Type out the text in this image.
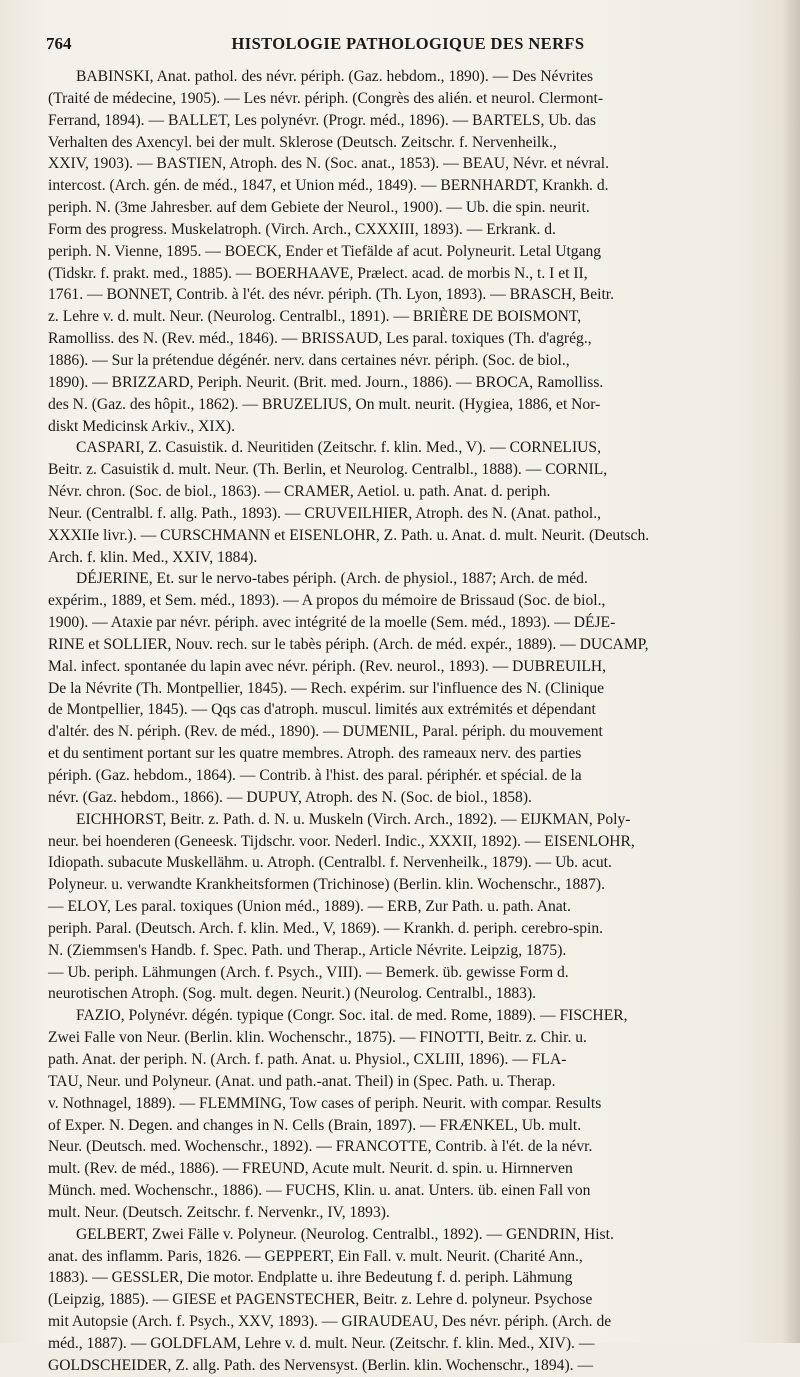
764	HISTOLOGIE PATHOLOGIQUE DES NERFS
BABINSKI, Anat. pathol. des névr. périph. (Gaz. hebdom., 1890). — Des Névrites
(Traité de médecine, 1905). — Les névr. périph. (Congrès des alién. et neurol. Clermont-
Ferrand, 1894). — BALLET, Les polynévr. (Progr. méd., 1896). — BARTELS, Ub. das
Verhalten des Axencyl. bei der mult. Sklerose (Deutsch. Zeitschr. f. Nervenheilk.,
XXIV, 1903). — BASTIEN, Atroph. des N. (Soc. anat., 1853). — BEAU, Névr. et névral.
intercost. (Arch. gén. de méd., 1847, et Union méd., 1849). — BERNHARDT, Krankh. d.
periph. N. (3me Jahresber. auf dem Gebiete der Neurol., 1900). — Ub. die spin. neurit.
Form des progress. Muskelatroph. (Virch. Arch., CXXXIII, 1893). — Erkrank. d.
periph. N. Vienne, 1895. — BOECK, Ender et Tiefälde af acut. Polyneurit. Letal Utgang
(Tidskr. f. prakt. med., 1885). — BOERHAAVE, Prælect. acad. de morbis N., t. I et II,
1761. — BONNET, Contrib. à l'ét. des névr. périph. (Th. Lyon, 1893). — BRASCH, Beitr.
z. Lehre v. d. mult. Neur. (Neurolog. Centralbl., 1891). — BRIÈRE DE BOISMONT,
Ramolliss. des N. (Rev. méd., 1846). — BRISSAUD, Les paral. toxiques (Th. d'agrég.,
1886). — Sur la prétendue dégénér. nerv. dans certaines névr. périph. (Soc. de biol.,
1890). — BRIZZARD, Periph. Neurit. (Brit. med. Journ., 1886). — BROCA, Ramolliss.
des N. (Gaz. des hôpit., 1862). — BRUZELIUS, On mult. neurit. (Hygiea, 1886, et Nor-
diskt Medicinsk Arkiv., XIX).
CASPARI, Z. Casuistik. d. Neuritiden (Zeitschr. f. klin. Med., V). — CORNELIUS,
Beitr. z. Casuistik d. mult. Neur. (Th. Berlin, et Neurolog. Centralbl., 1888). — CORNIL,
Névr. chron. (Soc. de biol., 1863). — CRAMER, Aetiol. u. path. Anat. d. periph.
Neur. (Centralbl. f. allg. Path., 1893). — CRUVEILHIER, Atroph. des N. (Anat. pathol.,
XXXIIe livr.). — CURSCHMANN et EISENLOHR, Z. Path. u. Anat. d. mult. Neurit. (Deutsch.
Arch. f. klin. Med., XXIV, 1884).
DÉJERINE, Et. sur le nervo-tabes périph. (Arch. de physiol., 1887; Arch. de méd.
expérim., 1889, et Sem. méd., 1893). — A propos du mémoire de Brissaud (Soc. de biol.,
1900). — Ataxie par névr. périph. avec intégrité de la moelle (Sem. méd., 1893). — DÉJE-
RINE et SOLLIER, Nouv. rech. sur le tabès périph. (Arch. de méd. expér., 1889). — DUCAMP,
Mal. infect. spontanée du lapin avec névr. périph. (Rev. neurol., 1893). — DUBREUILH,
De la Névrite (Th. Montpellier, 1845). — Rech. expérim. sur l'influence des N. (Clinique
de Montpellier, 1845). — Qqs cas d'atroph. muscul. limités aux extrémités et dépendant
d'altér. des N. périph. (Rev. de méd., 1890). — DUMENIL, Paral. périph. du mouvement
et du sentiment portant sur les quatre membres. Atroph. des rameaux nerv. des parties
périph. (Gaz. hebdom., 1864). — Contrib. à l'hist. des paral. périphér. et spécial. de la
névr. (Gaz. hebdom., 1866). — DUPUY, Atroph. des N. (Soc. de biol., 1858).
EICHHORST, Beitr. z. Path. d. N. u. Muskeln (Virch. Arch., 1892). — EIJKMAN, Poly-
neur. bei hoenderen (Geneesk. Tijdschr. voor. Nederl. Indic., XXXII, 1892). — EISENLOHR,
Idiopath. subacute Muskellähm. u. Atroph. (Centralbl. f. Nervenheilk., 1879). — Ub. acut.
Polyneur. u. verwandte Krankheitsformen (Trichinose) (Berlin. klin. Wochenschr., 1887).
— ELOY, Les paral. toxiques (Union méd., 1889). — ERB, Zur Path. u. path. Anat.
periph. Paral. (Deutsch. Arch. f. klin. Med., V, 1869). — Krankh. d. periph. cerebro-spin.
N. (Ziemmsen's Handb. f. Spec. Path. und Therap., Article Névrite. Leipzig, 1875).
— Ub. periph. Lähmungen (Arch. f. Psych., VIII). — Bemerk. üb. gewisse Form d.
neurotischen Atroph. (Sog. mult. degen. Neurit.) (Neurolog. Centralbl., 1883).
FAZIO, Polynévr. dégén. typique (Congr. Soc. ital. de med. Rome, 1889). — FISCHER,
Zwei Falle von Neur. (Berlin. klin. Wochenschr., 1875). — FINOTTI, Beitr. z. Chir. u.
path. Anat. der periph. N. (Arch. f. path. Anat. u. Physiol., CXLIII, 1896). — FLA-
TAU, Neur. und Polyneur. (Anat. und path.-anat. Theil) in (Spec. Path. u. Therap.
v. Nothnagel, 1889). — FLEMMING, Tow cases of periph. Neurit. with compar. Results
of Exper. N. Degen. and changes in N. Cells (Brain, 1897). — FRÆNKEL, Ub. mult.
Neur. (Deutsch. med. Wochenschr., 1892). — FRANCOTTE, Contrib. à l'ét. de la névr.
mult. (Rev. de méd., 1886). — FREUND, Acute mult. Neurit. d. spin. u. Hirnnerven
Münch. med. Wochenschr., 1886). — FUCHS, Klin. u. anat. Unters. üb. einen Fall von
mult. Neur. (Deutsch. Zeitschr. f. Nervenkr., IV, 1893).
GELBERT, Zwei Fälle v. Polyneur. (Neurolog. Centralbl., 1892). — GENDRIN, Hist.
anat. des inflamm. Paris, 1826. — GEPPERT, Ein Fall. v. mult. Neurit. (Charité Ann.,
1883). — GESSLER, Die motor. Endplatte u. ihre Bedeutung f. d. periph. Lähmung
(Leipzig, 1885). — GIESE et PAGENSTECHER, Beitr. z. Lehre d. polyneur. Psychose
mit Autopsie (Arch. f. Psych., XXV, 1893). — GIRAUDEAU, Des névr. périph. (Arch. de
méd., 1887). — GOLDFLAM, Lehre v. d. mult. Neur. (Zeitschr. f. klin. Med., XIV). —
GOLDSCHEIDER, Z. allg. Path. des Nervensyst. (Berlin. klin. Wochenschr., 1894). —
